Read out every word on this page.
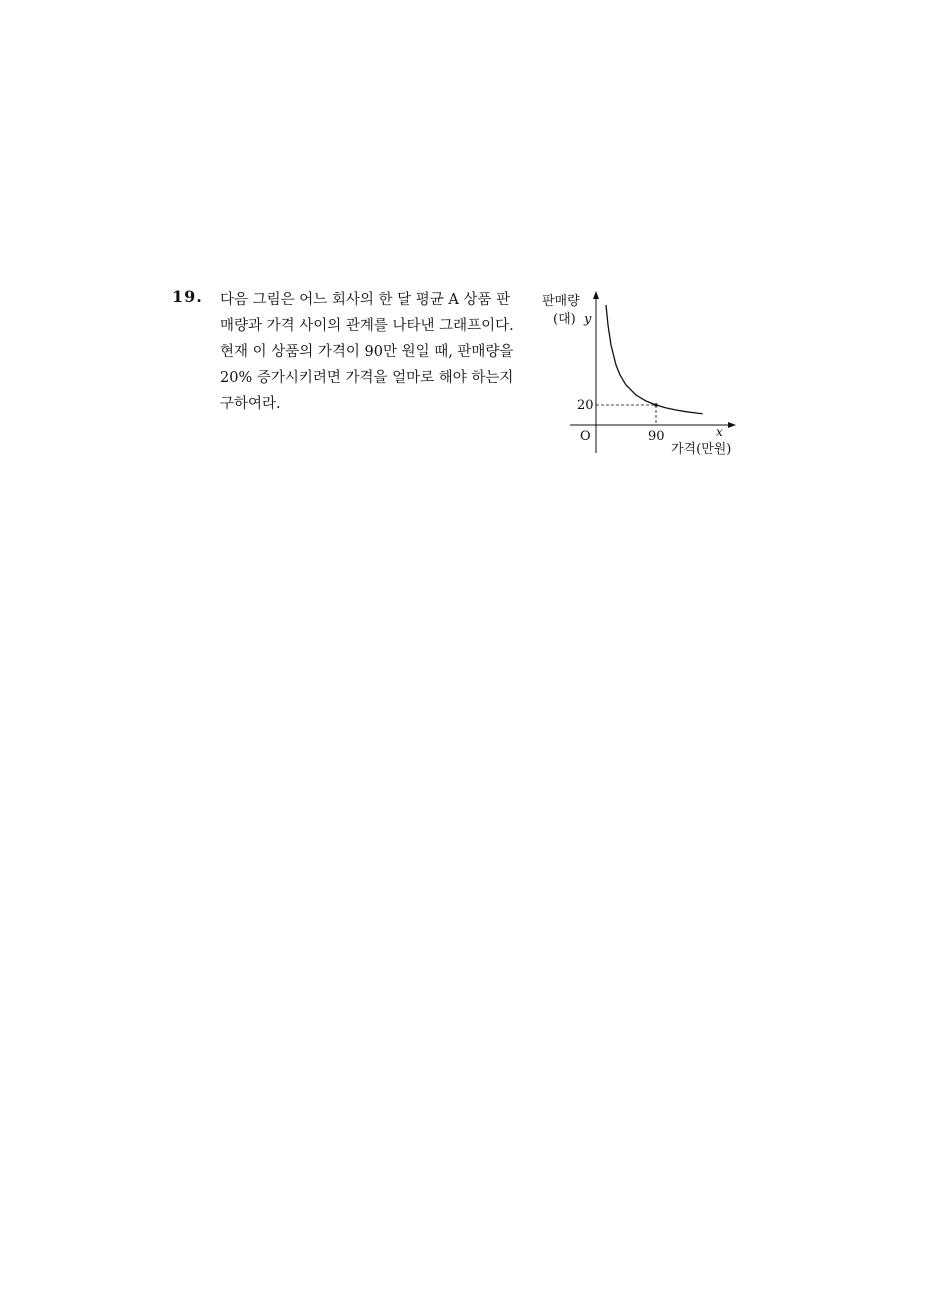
19. 다음 그림은 어느 회사의 한 달 평균 A 상품 판
매량과 가격 사이의 관계를 나타낸 그래프이다.
현재 이 상품의 가격이 90만 원일 때, 판매량을
20% 증가시키려면 가격을 얼마로 해야 하는지
구하여라.
판매량
(대) y
20
O	90	x
가격(만원)
